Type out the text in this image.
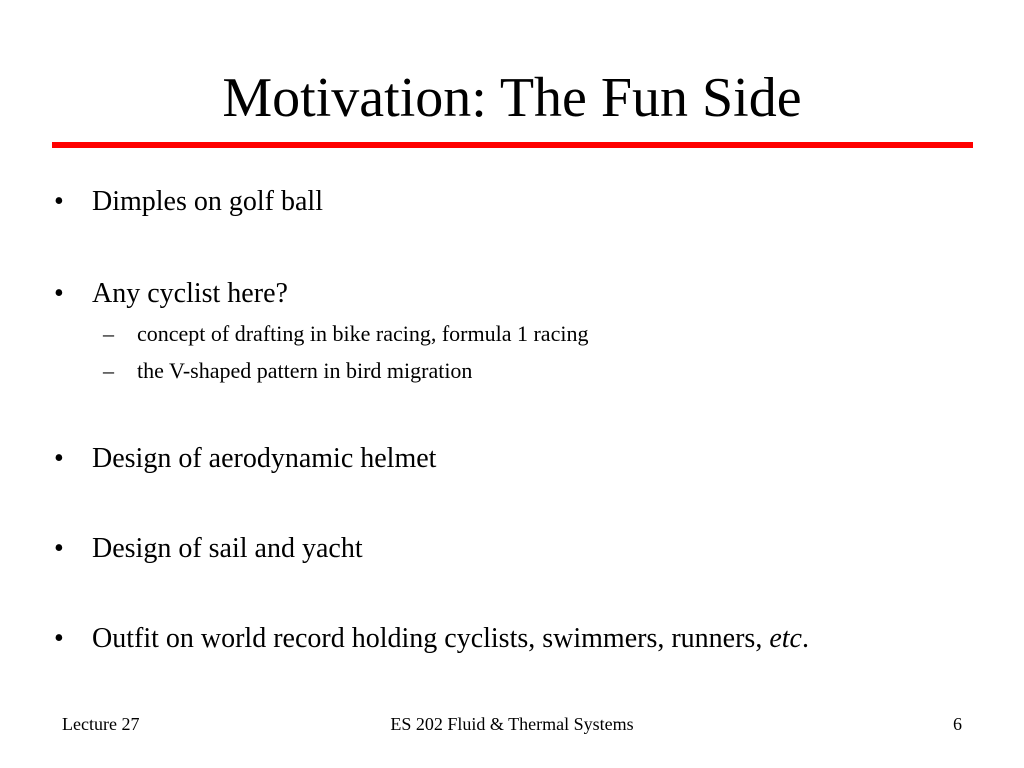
Motivation: The Fun Side
• Dimples on golf ball
• Any cyclist here?
– concept of drafting in bike racing, formula 1 racing
– the V-shaped pattern in bird migration
• Design of aerodynamic helmet
• Design of sail and yacht
• Outfit on world record holding cyclists, swimmers, runners, etc.
Lecture 27	ES 202 Fluid & Thermal Systems	6
